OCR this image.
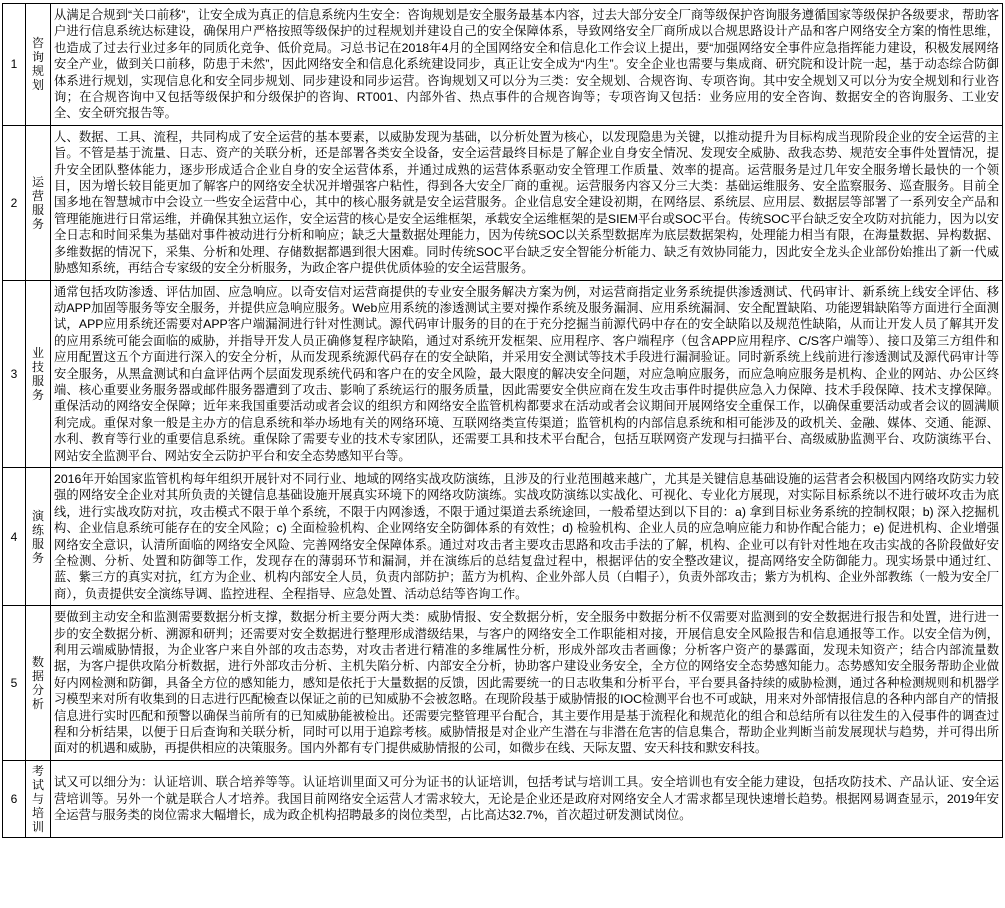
1	咨询规划	从满足合规到“关口前移”，让安全成为真正的信息系统内生安全：咨询规划是安全服务最基本内容，过去大部分安全厂商等级保护咨询服务遵循国家等级保护各级要求，帮助客户进行信息系统达标建设，确保用户严格按照等级保护的过程规划并建设自己的安全保障体系，导致网络安全厂商所成以合规思路设计产品和客户网络安全方案的惰性思维，也造成了过去行业过多年的同质化竞争、低价竞局。习总书记在2018年4月的全国网络安全和信息化工作会议上提出，要“加强网络安全事件应急指挥能力建设，积极发展网络安全产业，做到关口前移，防患于未然”，因此网络安全和信息化系统建设同步，真正让安全成为“内生”。安全企业也需要与集成商、研究院和设计院一起，基于动态综合防御体系进行规划，实现信息化和安全同步规划、同步建设和同步运营。咨询规划又可以分为三类：安全规划、合规咨询、专项咨询。其中安全规划又可以分为安全规划和行业咨询；在合规咨询中又包括等级保护和分级保护的咨询、RT001、内部外省、热点事件的合规咨询等；专项咨询又包括：业务应用的安全咨询、数据安全的咨询服务、工业安全、安全研究报告等。

2	运营服务	人、数据、工具、流程，共同构成了安全运营的基本要素，以威胁发现为基础，以分析处置为核心，以发现隐患为关键，以推动提升为目标构成当现阶段企业的安全运营的主旨。不管是基于流量、日志、资产的关联分析，还是部署各类安全设备，安全运营最终目标是了解企业自身安全情况、发现安全威胁、敌我态势、规范安全事件处置情况，提升安全团队整体能力，逐步形成适合企业自身的安全运营体系，并通过成熟的运营体系驱动安全管理工作质量、效率的提高。运营服务是过几年安全服务增长最快的一个领目，因为增长较目能更加了解客户的网络安全状况并增强客户粘性，得到各大安全厂商的重视。运营服务内容又分三大类：基础运维服务、安全监察服务、巡查服务。目前全国多地在智慧城市中会设立一些安全运营中心，其中的核心服务就是安全运营服务。企业信息安全建设初期，在网络层、系统层、应用层、数据层等部署了一系列安全产品和管理能施进行日常运维，并确保其独立运作，安全运营的核心是安全运维框架，承载安全运维框架的是SIEM平台或SOC平台。传统SOC平台缺乏安全攻防对抗能力，因为以安全日志和时间采集为基础对事件被动进行分析和响应；缺乏大量数据处理能力，因为传统SOC以关系型数据库为底层数据架构，处理能力相当有限，在海量数据、异构数据、多维数据的情况下，采集、分析和处理、存储数据都遇到很大困难。同时传统SOC平台缺乏安全智能分析能力、缺乏有效协同能力，因此安全龙头企业部份始推出了新一代威胁感知系统，再结合专家级的安全分析服务，为政企客户提供优质体验的安全运营服务。

3	业技服务	通常包括攻防渗透、评估加固、应急响应。以奇安信对运营商提供的专业安全服务解决方案为例，对运营商指定业务系统提供渗透测试、代码审计、新系统上线安全评估、移动APP加固等服务等安全服务，并提供应急响应服务。Web应用系统的渗透测试主要对操作系统及服务漏洞、应用系统漏洞、安全配置缺陷、功能逻辑缺陷等方面进行全面测试，APP应用系统还需要对APP客户端漏洞进行针对性测试。源代码审计服务的目的在于充分挖掘当前源代码中存在的安全缺陷以及规范性缺陷，从而让开发人员了解其开发的应用系统可能会面临的威胁，并指导开发人员正确修复程序缺陷，通过对系统开发框架、应用程序、客户端程序（包含APP应用程序、C/S客户端等）、接口及第三方组件和应用配置这五个方面进行深入的安全分析，从而发现系统源代码存在的安全缺陷，并采用安全测试等技术手段进行漏洞验证。同时新系统上线前进行渗透测试及源代码审计等安全服务，从黑盒测试和白盒评估两个层面发现系统代码和客户在的安全风险，最大限度的解决安全问题，对应急响应服务，而应急响应服务是机构、企业的网站、办公区终端、核心重要业务服务器或邮件服务器遭到了攻击、影响了系统运行的服务质量，因此需要安全供应商在发生攻击事件时提供应急入力保障、技术手段保障、技术支撑保障。重保活动的网络安全保障；近年来我国重要活动或者会议的组织方和网络安全监管机构都要求在活动或者会议期间开展网络安全重保工作，以确保重要活动或者会议的圆满顺利完成。重保对象一般是主办方的信息系统和举办场地有关的网络环境、互联网络类宣传渠道；监管机构的内部信息系统和相可能涉及的政机关、金融、媒体、交通、能源、水利、教育等行业的重要信息系统。重保除了需要专业的技术专家团队，还需要工具和技术平台配合，包括互联网资产发现与扫描平台、高级威胁监测平台、攻防演练平台、网站安全监测平台、网站安全云防护平台和安全态势感知平台等。

4	演练服务	2016年开始国家监管机构每年组织开展针对不同行业、地域的网络实战攻防演练，且涉及的行业范围越来越广，尤其是关键信息基础设施的运营者会积极国内网络攻防实力较强的网络安全企业对其所负责的关键信息基础设施开展真实环境下的网络攻防演练。实战攻防演练以实战化、可视化、专业化方展现，对实际目标系统以不进行破坏攻击为底线，进行实战攻防对抗，攻击模式不限于单个系统，不限于内网渗透，不限于通过渠道去系统途回，一般希望达到以下目的：a) 拿到目标业务系统的控制权限；b) 深入挖掘机构、企业信息系统可能存在的安全风险；c) 全面检验机构、企业网络安全防御体系的有效性；d) 检验机构、企业人员的应急响应能力和协作配合能力；e) 促进机构、企业增强网络安全意识，认清所面临的网络安全风险、完善网络安全保障体系。通过对攻击者主要攻击思路和攻击手法的了解，机构、企业可以有针对性地在攻击实战的各阶段做好安全检测、分析、处置和防御等工作，发现存在的薄弱环节和漏洞，并在演练后的总结复盘过程中，根据评估的安全整改建议，提高网络安全防御能力。现实场景中通过红、蓝、紫三方的真实对抗，红方为企业、机构内部安全人员，负责内部防护；蓝方为机构、企业外部人员（白帽子），负责外部攻击；紫方为机构、企业外部教练（一般为安全厂商），负责提供安全演练导调、监控进程、全程指导、应急处置、活动总结等咨询工作。

5	数据分析	要做到主动安全和监测需要数据分析支撑，数据分析主要分两大类：威胁情报、安全数据分析，安全服务中数据分析不仅需要对监测到的安全数据进行报告和处置，进行进一步的安全数据分析、溯源和研判；还需要对安全数据进行整理形成潜级结果，与客户的网络安全工作职能相对接，开展信息安全风险报告和信息通报等工作。以安全信为例，利用云端威胁情报，为企业客户来自外部的攻击态势，对攻击者进行精准的多维属性分析，形成外部攻击者画像；分析客户资产的暴露面，发现未知资产；结合内部流量数据，为客户提供攻陷分析数据，进行外部攻击分析、主机失陷分析、内部安全分析，协助客户建设业务安全，全方位的网络安全态势感知能力。态势感知安全服务帮助企业做好内网检测和防御，具备全方位的感知能力，感知是依托于大量数据的反馈，因此需要统一的日志收集和分析平台，平台要具备持续的威胁检测，通过各种检测规则和机器学习模型来对所有收集到的日志进行匹配檢查以保证之前的已知威胁不会被忽略。在现阶段基于威胁情报的IOC检测平台也不可或缺，用来对外部情报信息的各种内部自产的情报信息进行实时匹配和预警以确保当前所有的已知威胁能被检出。还需要完整管理平台配合，其主要作用是基于流程化和规范化的组合和总结所有以往发生的入侵事件的调查过程和分析结果，以便于日后查询和关联分析，同时可以用于追踪考核。威胁情报是对企业产生潜在与非潜在危害的信息集合，帮助企业判断当前发展现状与趋势，并可得出所面对的机遇和威胁，再提供相应的决策服务。国内外都有专门提供威胁情报的公司，如微步在线、天际友盟、安天科技和默安科技。

6	考试与培训	试又可以细分为：认证培训、联合培养等等。认证培训里面又可分为证书的认证培训，包括考试与培训工具。安全培训也有安全能力建设，包括攻防技术、产品认证、安全运营培训等。另外一个就是联合人才培养。我国目前网络安全运营人才需求较大，无论是企业还是政府对网络安全人才需求都呈现快速增长趋势。根据网易调查显示，2019年安全运营与服务类的岗位需求大幅增长，成为政企机构招聘最多的岗位类型，占比高达32.7%，首次超过研发测试岗位。
